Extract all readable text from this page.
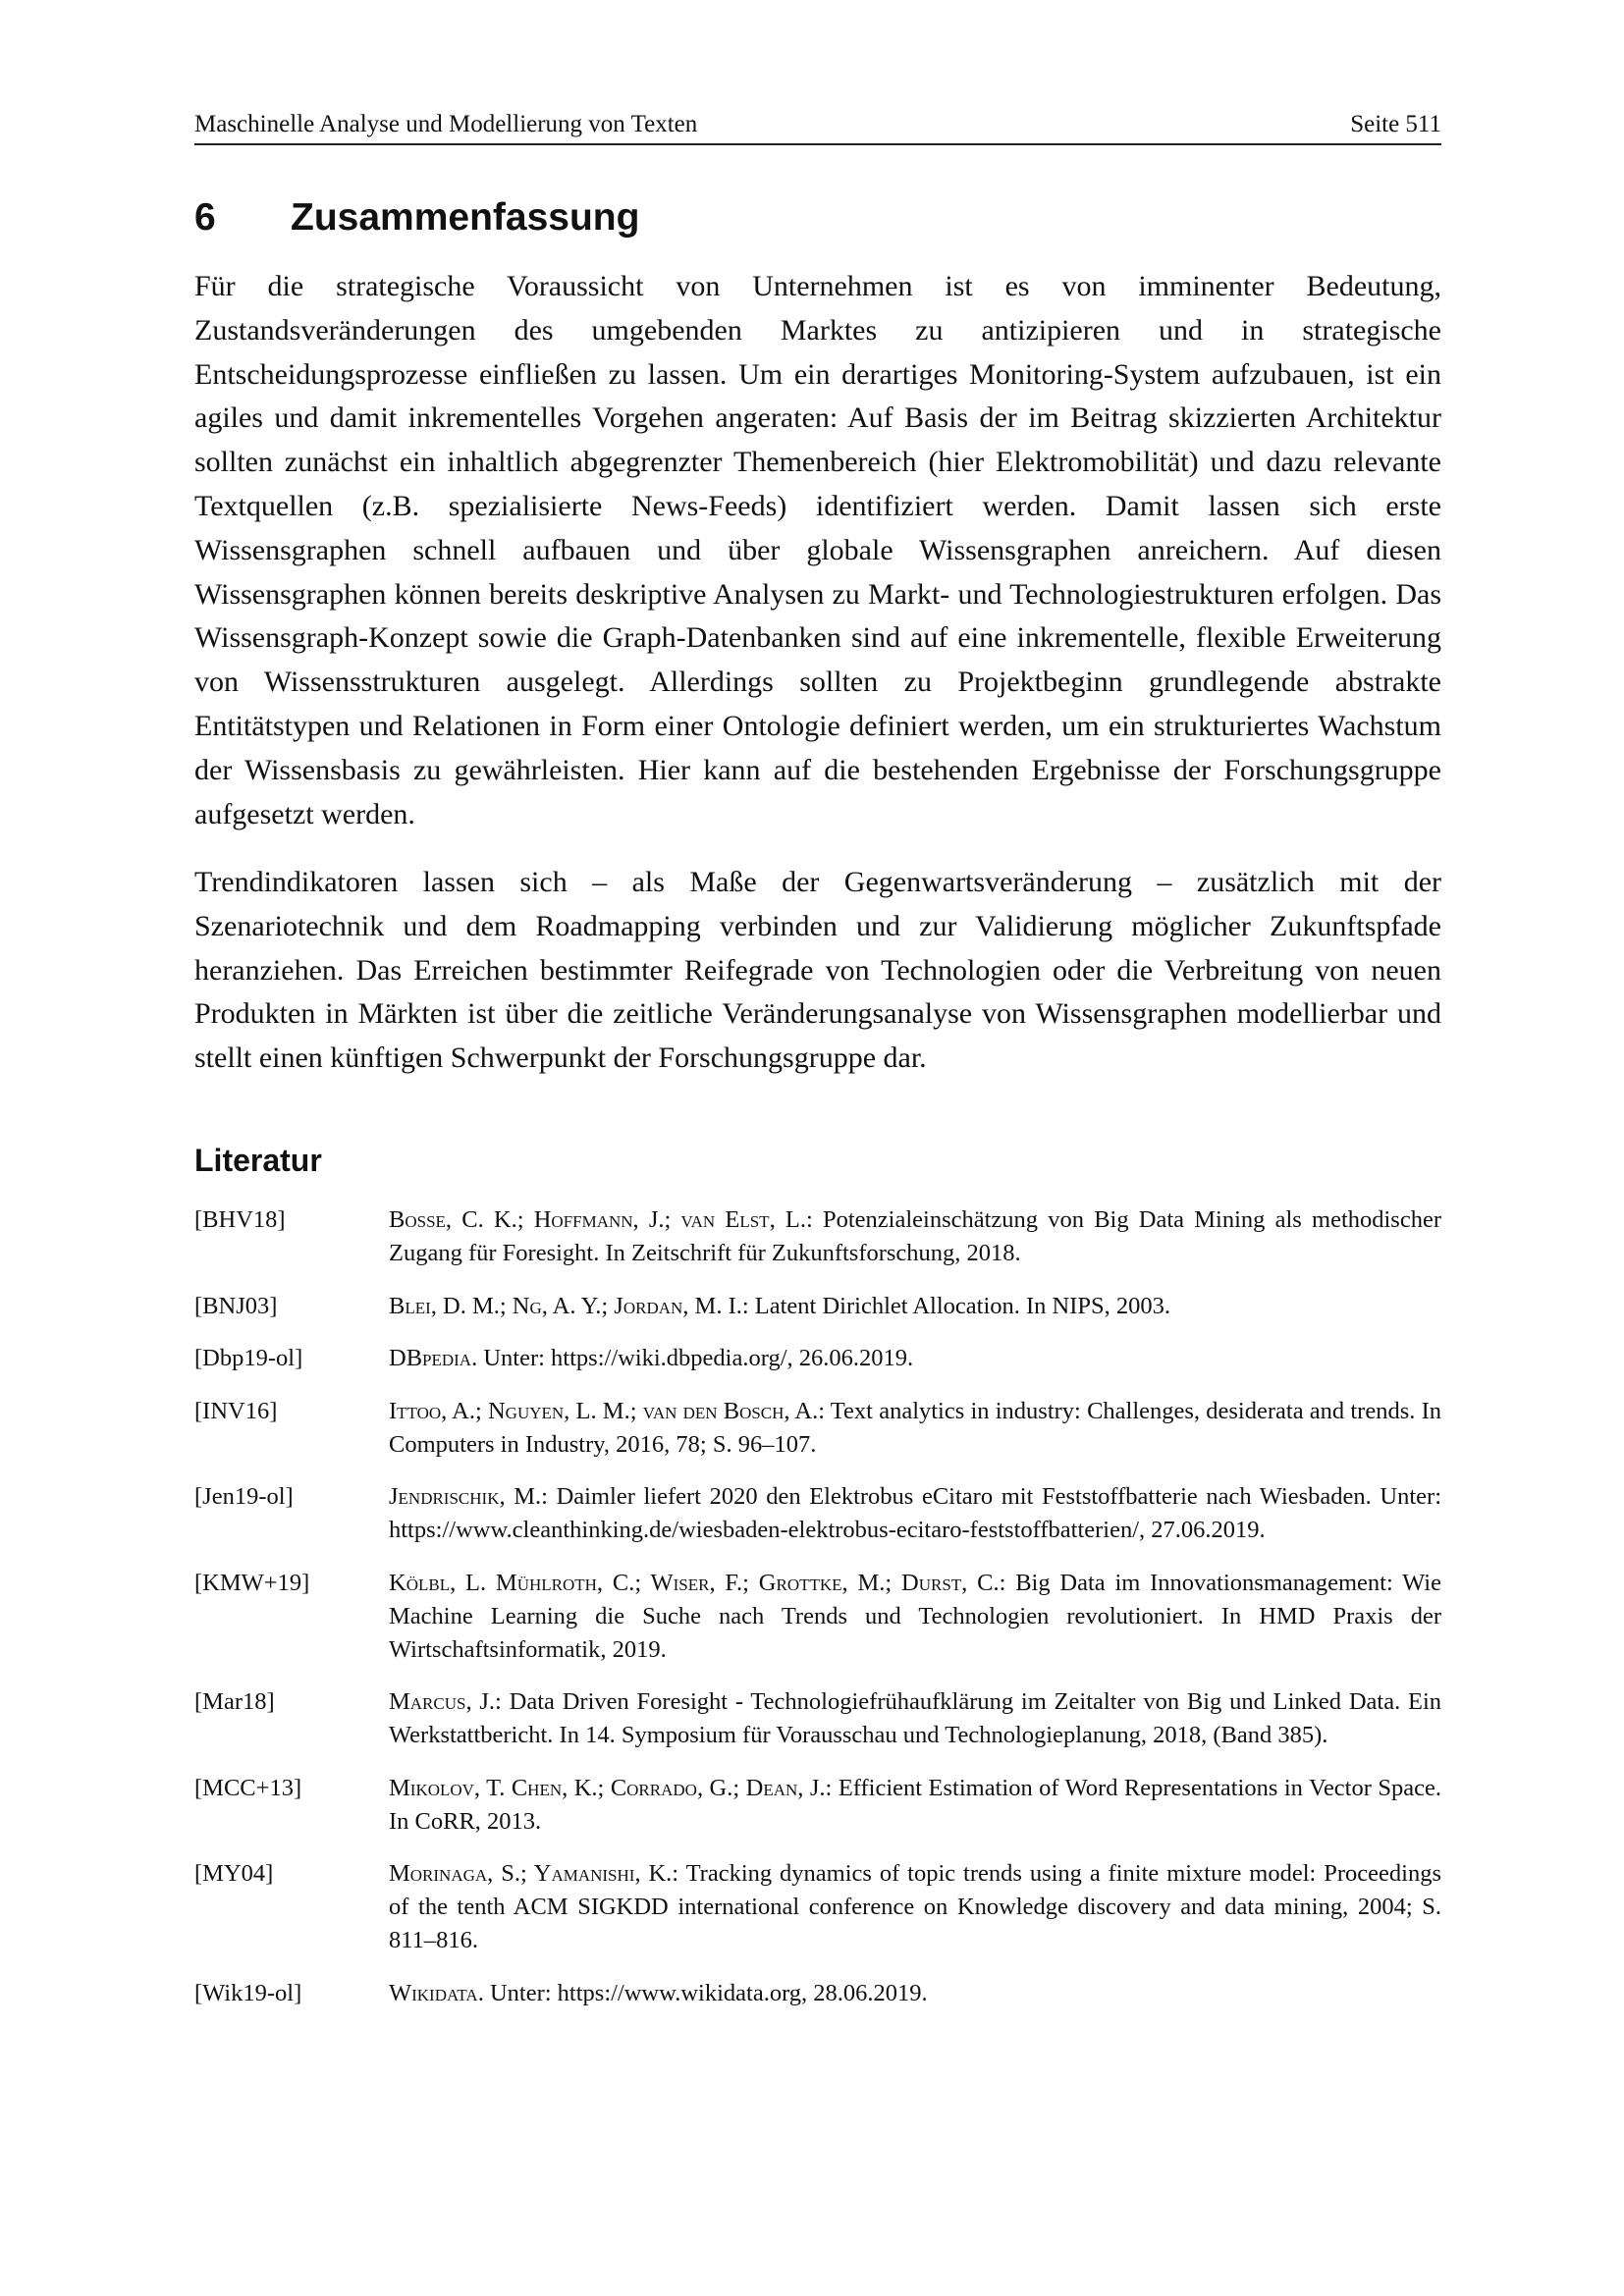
Maschinelle Analyse und Modellierung von Texten	Seite 511
6 Zusammenfassung

Für die strategische Voraussicht von Unternehmen ist es von imminenter Bedeutung, Zustandsveränderungen des umgebenden Marktes zu antizipieren und in strategische Entscheidungsprozesse einfließen zu lassen. Um ein derartiges Monitoring-System aufzubauen, ist ein agiles und damit inkrementelles Vorgehen angeraten: Auf Basis der im Beitrag skizzierten Architektur sollten zunächst ein inhaltlich abgegrenzter Themenbereich (hier Elektromobilität) und dazu relevante Textquellen (z.B. spezialisierte News-Feeds) identifiziert werden. Damit lassen sich erste Wissensgraphen schnell aufbauen und über globale Wissensgraphen anreichern. Auf diesen Wissensgraphen können bereits deskriptive Analysen zu Markt- und Technologiestrukturen erfolgen. Das Wissensgraph-Konzept sowie die Graph-Datenbanken sind auf eine inkrementelle, flexible Erweiterung von Wissensstrukturen ausgelegt. Allerdings sollten zu Projektbeginn grundlegende abstrakte Entitätstypen und Relationen in Form einer Ontologie definiert werden, um ein strukturiertes Wachstum der Wissensbasis zu gewährleisten. Hier kann auf die bestehenden Ergebnisse der Forschungsgruppe aufgesetzt werden.

Trendindikatoren lassen sich – als Maße der Gegenwartsveränderung – zusätzlich mit der Szenariotechnik und dem Roadmapping verbinden und zur Validierung möglicher Zukunftspfade heranziehen. Das Erreichen bestimmter Reifegrade von Technologien oder die Verbreitung von neuen Produkten in Märkten ist über die zeitliche Veränderungsanalyse von Wissensgraphen modellierbar und stellt einen künftigen Schwerpunkt der Forschungsgruppe dar.

Literatur
[BHV18]	Bosse, C. K.; Hoffmann, J.; van Elst, L.: Potenzialeinschätzung von Big Data Mining als methodischer Zugang für Foresight. In Zeitschrift für Zukunftsforschung, 2018.
[BNJ03]	Blei, D. M.; Ng, A. Y.; Jordan, M. I.: Latent Dirichlet Allocation. In NIPS, 2003.
[Dbp19-ol]	DBpedia. Unter: https://wiki.dbpedia.org/, 26.06.2019.
[INV16]	Ittoo, A.; Nguyen, L. M.; van den Bosch, A.: Text analytics in industry: Challenges, desiderata and trends. In Computers in Industry, 2016, 78; S. 96–107.
[Jen19-ol]	Jendrischik, M.: Daimler liefert 2020 den Elektrobus eCitaro mit Feststoffbatterie nach Wiesbaden. Unter: https://www.cleanthinking.de/wiesbaden-elektrobus-ecitaro-feststoffbatterien/, 27.06.2019.
[KMW+19]	Kölbl, L. Mühlroth, C.; Wiser, F.; Grottke, M.; Durst, C.: Big Data im Innovationsmanagement: Wie Machine Learning die Suche nach Trends und Technologien revolutioniert. In HMD Praxis der Wirtschaftsinformatik, 2019.
[Mar18]	Marcus, J.: Data Driven Foresight - Technologiefrühaufklärung im Zeitalter von Big und Linked Data. Ein Werkstattbericht. In 14. Symposium für Vorausschau und Technologieplanung, 2018, (Band 385).
[MCC+13]	Mikolov, T. Chen, K.; Corrado, G.; Dean, J.: Efficient Estimation of Word Representations in Vector Space. In CoRR, 2013.
[MY04]	Morinaga, S.; Yamanishi, K.: Tracking dynamics of topic trends using a finite mixture model: Proceedings of the tenth ACM SIGKDD international conference on Knowledge discovery and data mining, 2004; S. 811–816.
[Wik19-ol]	Wikidata. Unter: https://www.wikidata.org, 28.06.2019.
